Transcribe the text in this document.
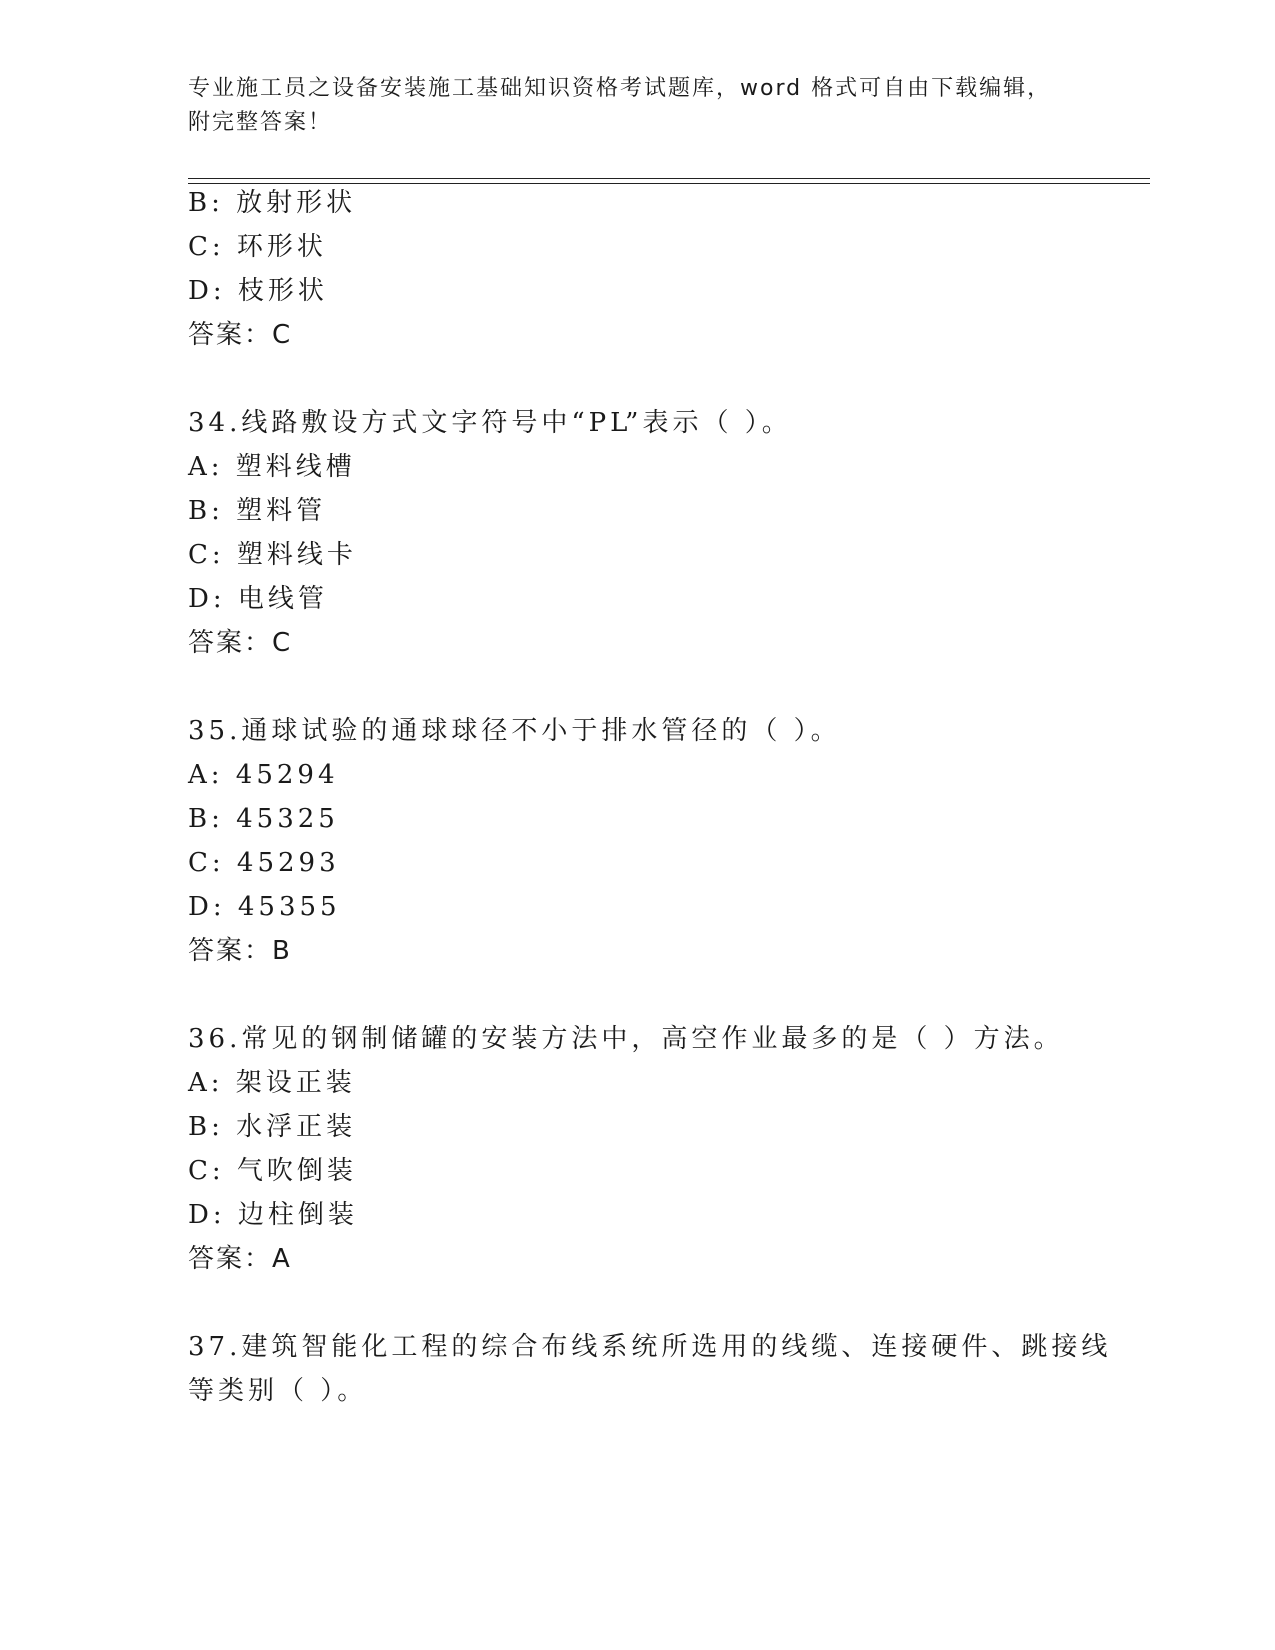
专业施工员之设备安装施工基础知识资格考试题库，word 格式可自由下载编辑，
附完整答案！
B: 放射形状
C: 环形状
D: 枝形状
答案：C
34.线路敷设方式文字符号中“PL”表示（ ）。
A: 塑料线槽
B: 塑料管
C: 塑料线卡
D: 电线管
答案：C
35.通球试验的通球球径不小于排水管径的（ ）。
A: 45294
B: 45325
C: 45293
D: 45355
答案：B
36.常见的钢制储罐的安装方法中，高空作业最多的是（ ）方法。
A: 架设正装
B: 水浮正装
C: 气吹倒装
D: 边柱倒装
答案：A
37.建筑智能化工程的综合布线系统所选用的线缆、连接硬件、跳接线
等类别（ ）。
